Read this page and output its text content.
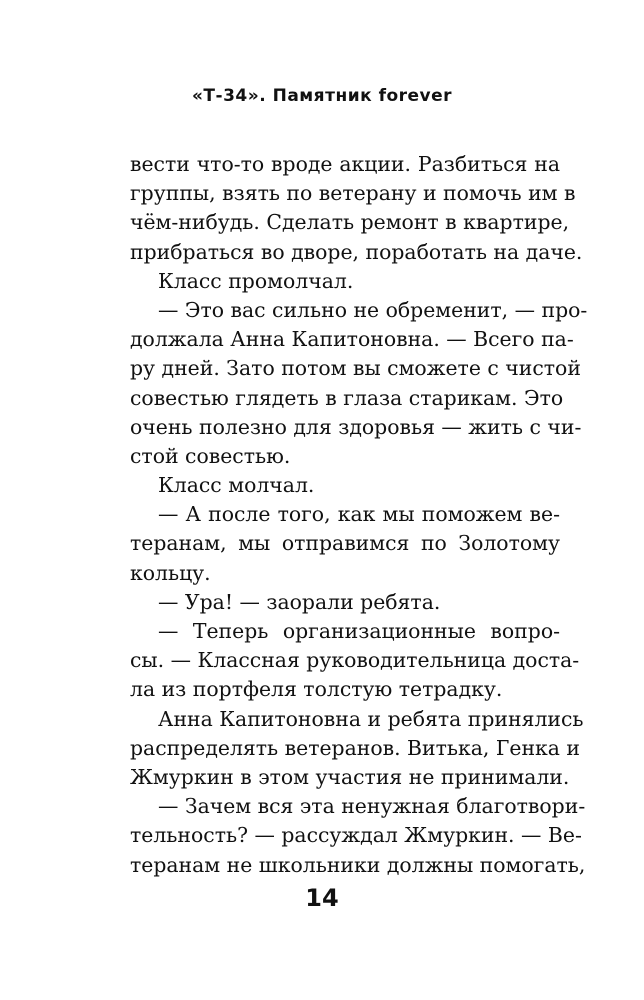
«Т-34». Памятник forever
вести что-то вроде акции. Разбиться на
группы, взять по ветерану и помочь им в
чём-нибудь. Сделать ремонт в квартире,
прибраться во дворе, поработать на даче.
Класс промолчал.
— Это вас сильно не обременит, — про-
должала Анна Капитоновна. — Всего па-
ру дней. Зато потом вы сможете с чистой
совестью глядеть в глаза старикам. Это
очень полезно для здоровья — жить с чи-
стой совестью.
Класс молчал.
— А после того, как мы поможем ве-
теранам, мы отправимся по Золотому
кольцу.
— Ура! — заорали ребята.
— Теперь организационные вопро-
сы. — Классная руководительница доста-
ла из портфеля толстую тетрадку.
Анна Капитоновна и ребята принялись
распределять ветеранов. Витька, Генка и
Жмуркин в этом участия не принимали.
— Зачем вся эта ненужная благотвори-
тельность? — рассуждал Жмуркин. — Ве-
теранам не школьники должны помогать,
14
